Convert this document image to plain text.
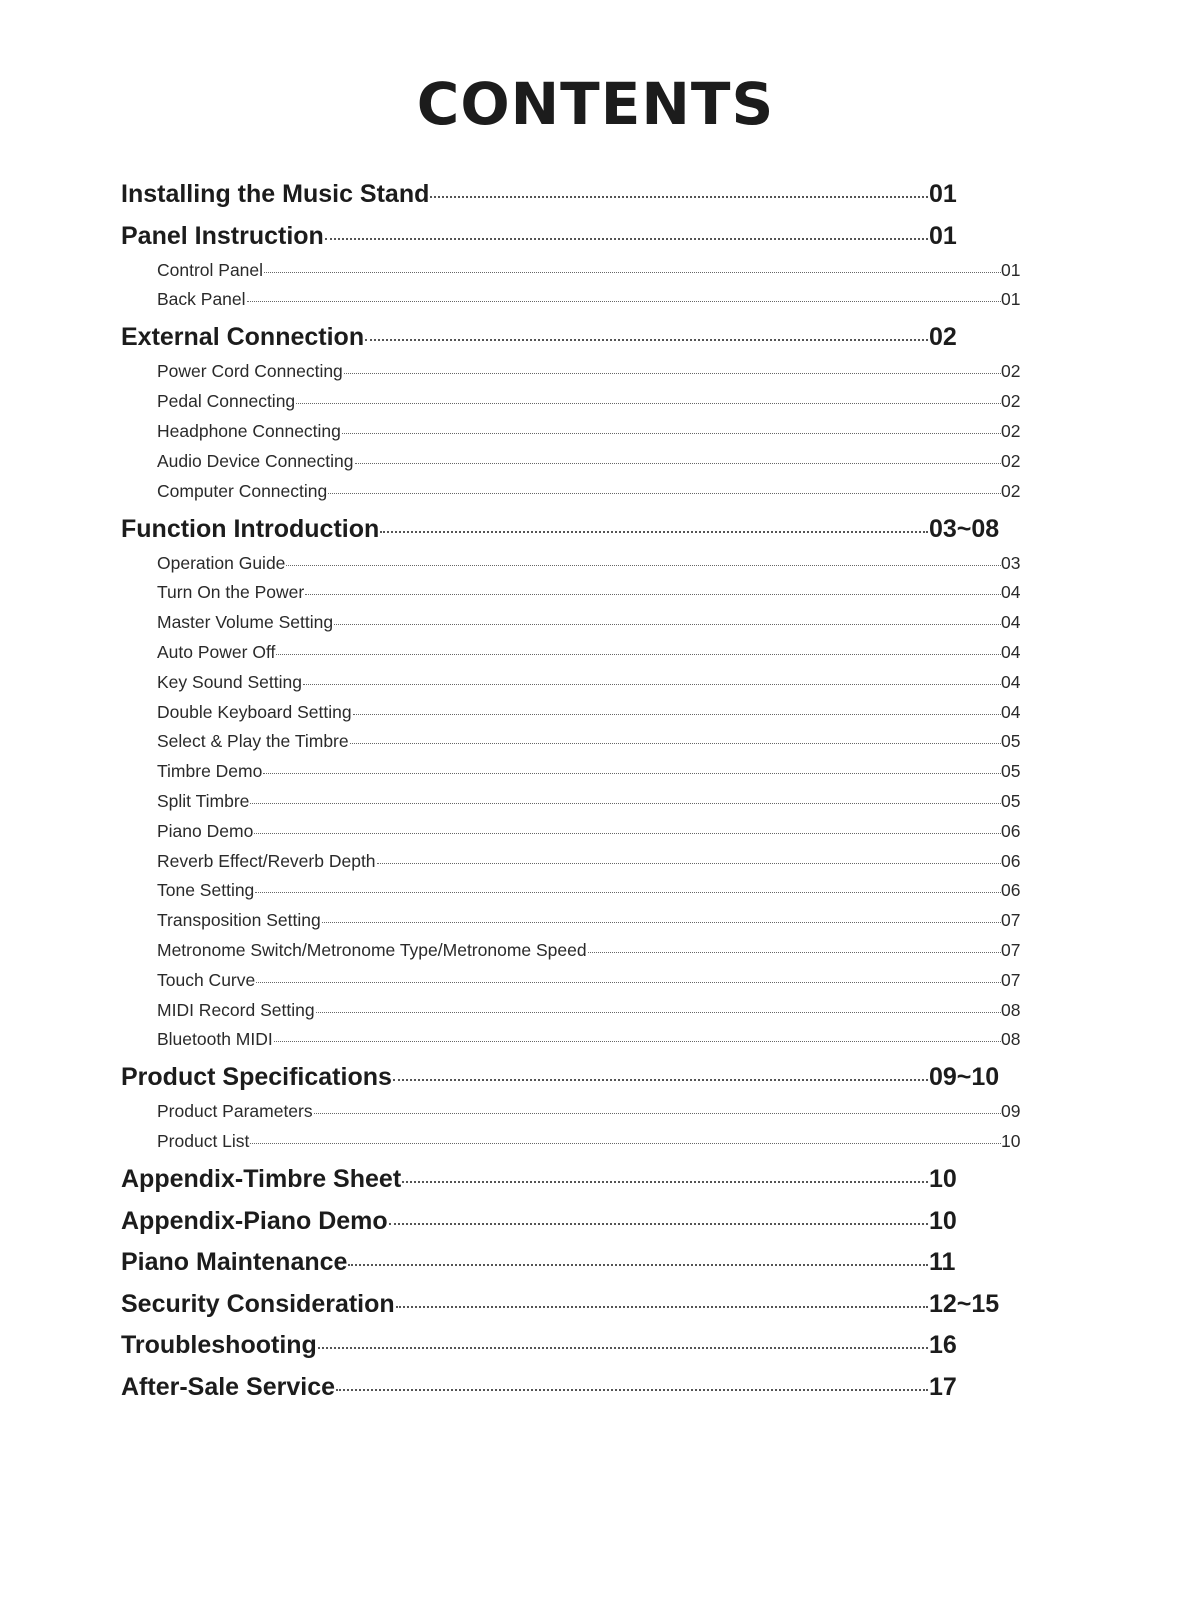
CONTENTS
Installing the Music Stand	01
Panel Instruction	01
Control Panel	01
Back Panel	01
External Connection	02
Power Cord Connecting	02
Pedal Connecting	02
Headphone Connecting	02
Audio Device Connecting	02
Computer Connecting	02
Function Introduction	03~08
Operation Guide	03
Turn On the Power	04
Master Volume Setting	04
Auto Power Off	04
Key Sound Setting	04
Double Keyboard Setting	04
Select & Play the Timbre	05
Timbre Demo	05
Split Timbre	05
Piano Demo	06
Reverb Effect/Reverb Depth	06
Tone Setting	06
Transposition Setting	07
Metronome Switch/Metronome Type/Metronome Speed	07
Touch Curve	07
MIDI Record Setting	08
Bluetooth MIDI	08
Product Specifications	09~10
Product Parameters	09
Product List	10
Appendix-Timbre Sheet	10
Appendix-Piano Demo	10
Piano Maintenance	11
Security Consideration	12~15
Troubleshooting	16
After-Sale Service	17
